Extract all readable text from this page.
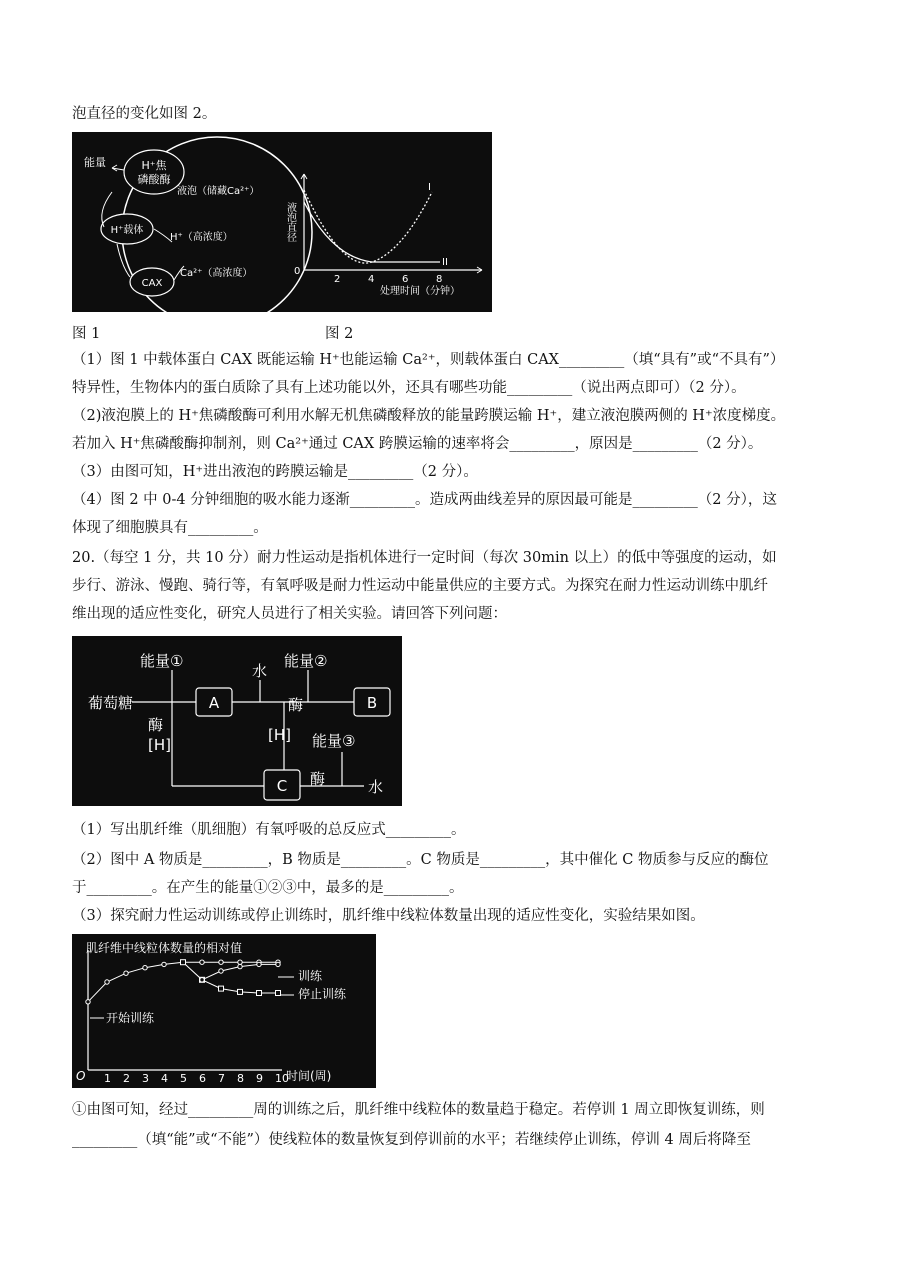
泡直径的变化如图 2。
H⁺焦
磷酸酶
能量
液泡（储藏Ca²⁺）
H⁺载体
H⁺（高浓度）
CAX
Ca²⁺（高浓度）
液泡直径
0
2	4	6	8
I
II
处理时间（分钟）
图 1	图 2
（1）图 1 中载体蛋白 CAX 既能运输 H⁺也能运输 Ca²⁺，则载体蛋白 CAX_________（填“具有”或“不具有”）
特异性，生物体内的蛋白质除了具有上述功能以外，还具有哪些功能_________（说出两点即可）（2 分）。
（2)液泡膜上的 H⁺焦磷酸酶可利用水解无机焦磷酸释放的能量跨膜运输 H⁺，建立液泡膜两侧的 H⁺浓度梯度。
若加入 H⁺焦磷酸酶抑制剂，则 Ca²⁺通过 CAX 跨膜运输的速率将会_________，原因是_________（2 分）。
（3）由图可知，H⁺进出液泡的跨膜运输是_________（2 分）。
（4）图 2 中 0-4 分钟细胞的吸水能力逐渐_________。造成两曲线差异的原因最可能是_________（2 分），这
体现了细胞膜具有_________。
20.（每空 1 分，共 10 分）耐力性运动是指机体进行一定时间（每次 30min 以上）的低中等强度的运动，如
步行、游泳、慢跑、骑行等，有氧呼吸是耐力性运动中能量供应的主要方式。为探究在耐力性运动训练中肌纤
维出现的适应性变化，研究人员进行了相关实验。请回答下列问题：
能量①	能量②
能量③
水
水
葡萄糖
酶
酶
酶
[H]
[H]
A	B
C
（1）写出肌纤维（肌细胞）有氧呼吸的总反应式_________。
（2）图中 A 物质是_________，B 物质是_________。C 物质是_________，其中催化 C 物质参与反应的酶位
于_________。在产生的能量①②③中，最多的是_________。
（3）探究耐力性运动训练或停止训练时，肌纤维中线粒体数量出现的适应性变化，实验结果如图。
肌纤维中线粒体数量的相对值
O	时间(周)
开始训练
训练
停止训练
1 2 3 4 5 6 7 8 9 10
①由图可知，经过_________周的训练之后，肌纤维中线粒体的数量趋于稳定。若停训 1 周立即恢复训练，则
_________（填“能”或“不能”）使线粒体的数量恢复到停训前的水平；若继续停止训练，停训 4 周后将降至
